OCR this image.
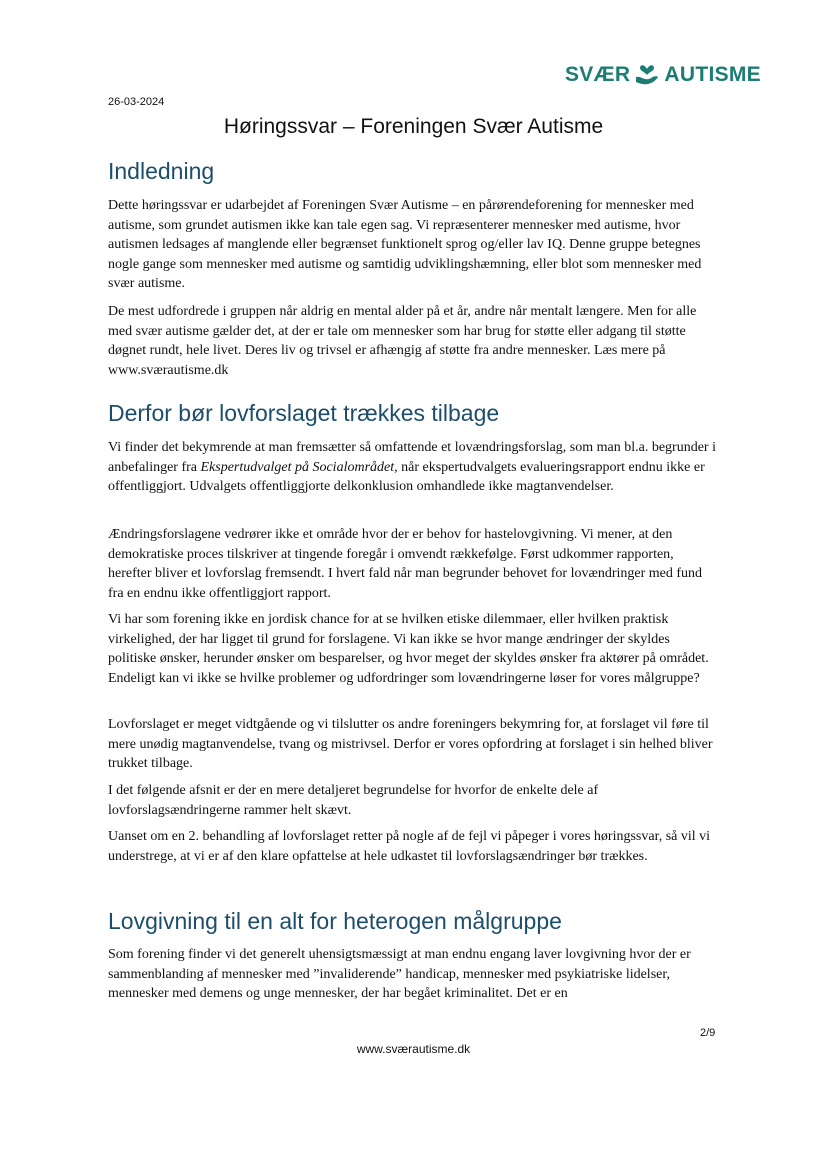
SVÆR AUTISME
26-03-2024
Høringssvar – Foreningen Svær Autisme
Indledning

Dette høringssvar er udarbejdet af Foreningen Svær Autisme – en pårørendeforening for mennesker med autisme, som grundet autismen ikke kan tale egen sag. Vi repræsenterer mennesker med autisme, hvor autismen ledsages af manglende eller begrænset funktionelt sprog og/eller lav IQ. Denne gruppe betegnes nogle gange som mennesker med autisme og samtidig udviklingshæmning, eller blot som mennesker med svær autisme.

De mest udfordrede i gruppen når aldrig en mental alder på et år, andre når mentalt længere. Men for alle med svær autisme gælder det, at der er tale om mennesker som har brug for støtte eller adgang til støtte døgnet rundt, hele livet. Deres liv og trivsel er afhængig af støtte fra andre mennesker. Læs mere på www.sværautisme.dk

Derfor bør lovforslaget trækkes tilbage

Vi finder det bekymrende at man fremsætter så omfattende et lovændringsforslag, som man bl.a. begrunder i anbefalinger fra Ekspertudvalget på Socialområdet, når ekspertudvalgets evalueringsrapport endnu ikke er offentliggjort. Udvalgets offentliggjorte delkonklusion omhandlede ikke magtanvendelser.

Ændringsforslagene vedrører ikke et område hvor der er behov for hastelovgivning. Vi mener, at den demokratiske proces tilskriver at tingende foregår i omvendt rækkefølge. Først udkommer rapporten, herefter bliver et lovforslag fremsendt. I hvert fald når man begrunder behovet for lovændringer med fund fra en endnu ikke offentliggjort rapport.

Vi har som forening ikke en jordisk chance for at se hvilken etiske dilemmaer, eller hvilken praktisk virkelighed, der har ligget til grund for forslagene. Vi kan ikke se hvor mange ændringer der skyldes politiske ønsker, herunder ønsker om besparelser, og hvor meget der skyldes ønsker fra aktører på området. Endeligt kan vi ikke se hvilke problemer og udfordringer som lovændringerne løser for vores målgruppe?

Lovforslaget er meget vidtgående og vi tilslutter os andre foreningers bekymring for, at forslaget vil føre til mere unødig magtanvendelse, tvang og mistrivsel. Derfor er vores opfordring at forslaget i sin helhed bliver trukket tilbage.

I det følgende afsnit er der en mere detaljeret begrundelse for hvorfor de enkelte dele af lovforslagsændringerne rammer helt skævt.

Uanset om en 2. behandling af lovforslaget retter på nogle af de fejl vi påpeger i vores høringssvar, så vil vi understrege, at vi er af den klare opfattelse at hele udkastet til lovforslagsændringer bør trækkes.

Lovgivning til en alt for heterogen målgruppe

Som forening finder vi det generelt uhensigtsmæssigt at man endnu engang laver lovgivning hvor der er sammenblanding af mennesker med ”invaliderende” handicap, mennesker med psykiatriske lidelser, mennesker med demens og unge mennesker, der har begået kriminalitet. Det er en

2/9
www.sværautisme.dk
